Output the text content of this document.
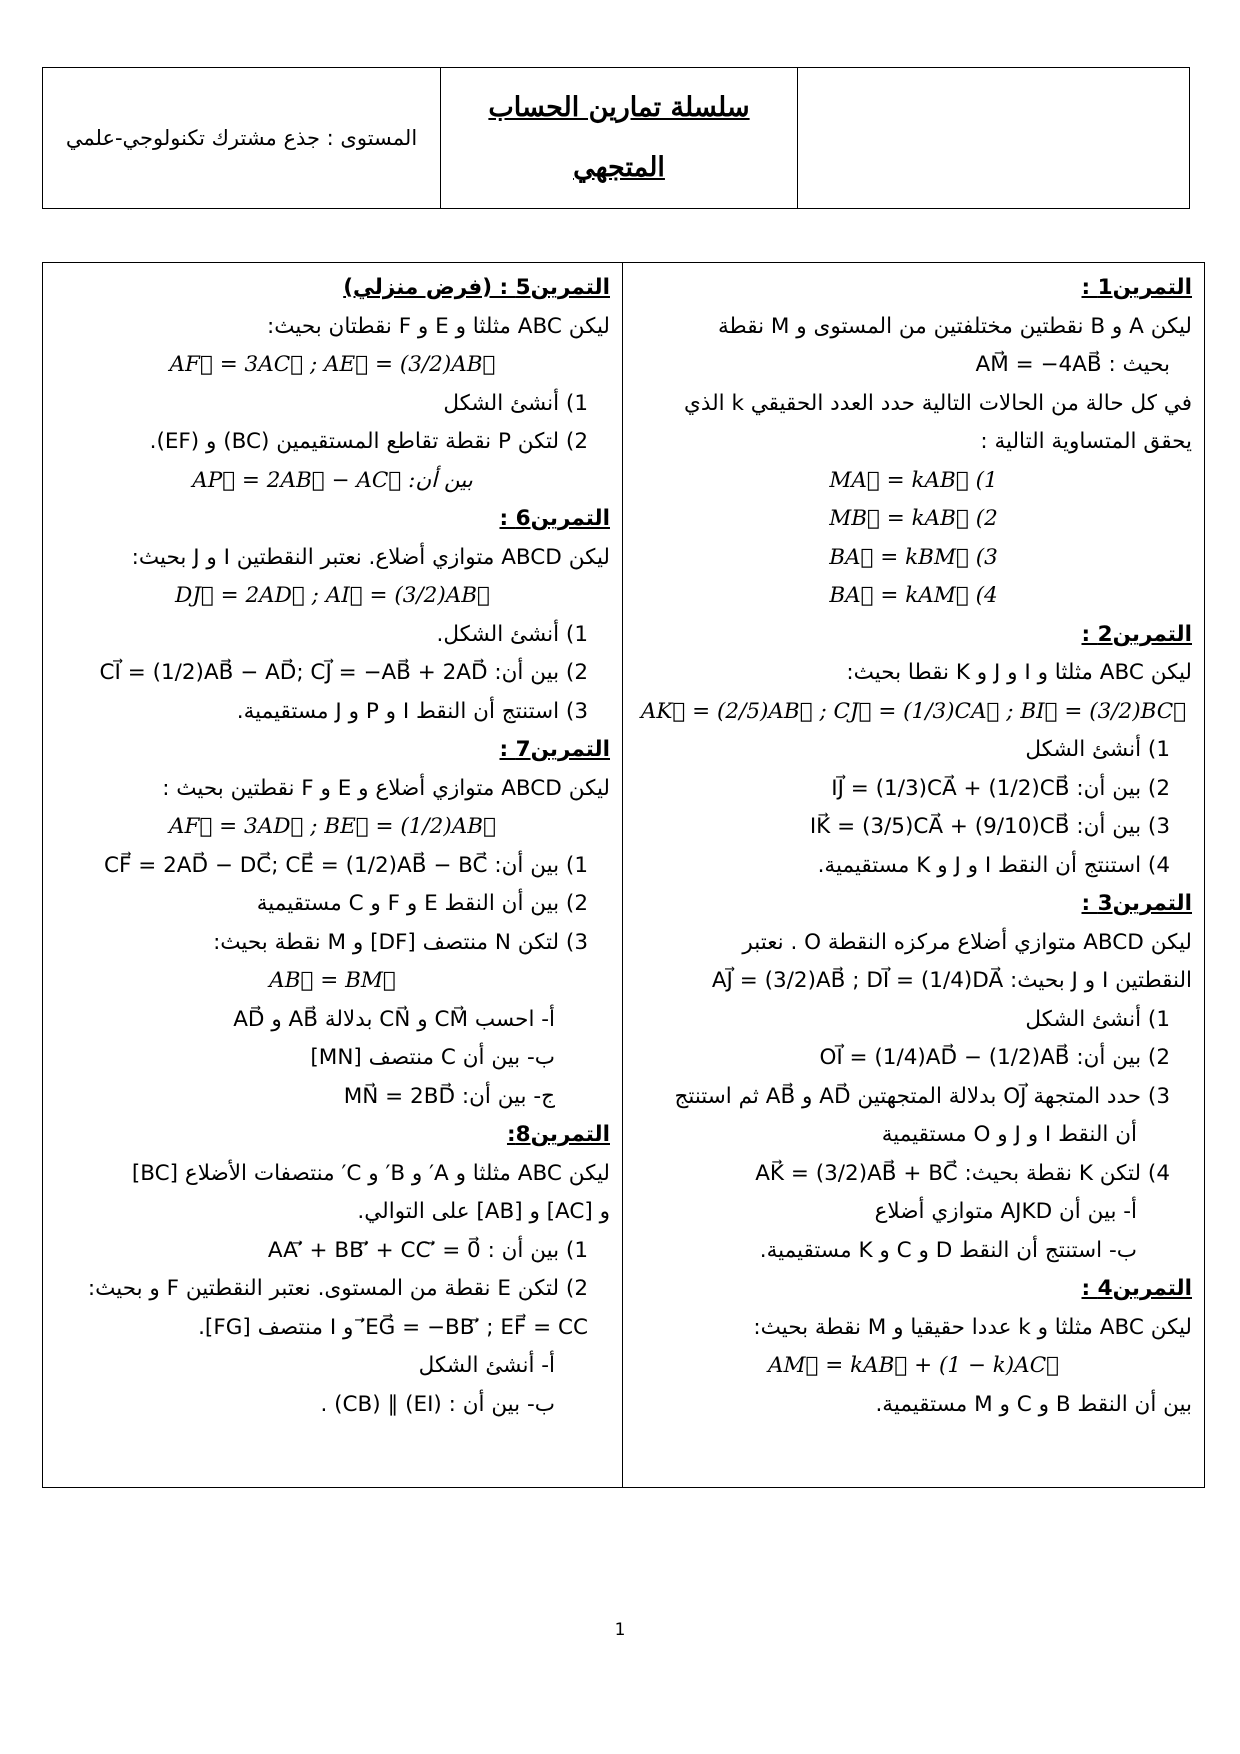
المستوى : جذع مشترك تكنولوجي-علمي
سلسلة تمارين الحساب
المتجهي
التمرين5 : (فرض منزلي)
ليكن ABC مثلثا و E و F نقطتان بحيث:
AF⃗ = 3AC⃗ ; AE⃗ = (3/2)AB⃗
1) أنشئ الشكل
2) لتكن P نقطة تقاطع المستقيمين (BC) و (EF).
بين أن: AP⃗ = 2AB⃗ − AC⃗
التمرين6 :
ليكن ABCD متوازي أضلاع. نعتبر النقطتين I و J بحيث:
DJ⃗ = 2AD⃗ ; AI⃗ = (3/2)AB⃗
1) أنشئ الشكل.
2) بين أن: CI⃗ = (1/2)AB⃗ − AD⃗; CJ⃗ = −AB⃗ + 2AD⃗
3) استنتج أن النقط I و P و J مستقيمية.
التمرين7 :
ليكن ABCD متوازي أضلاع و E و F نقطتين بحيث :
AF⃗ = 3AD⃗ ; BE⃗ = (1/2)AB⃗
1) بين أن: CF⃗ = 2AD⃗ − DC⃗; CE⃗ = (1/2)AB⃗ − BC⃗
2) بين أن النقط E و F و C مستقيمية
3) لتكن N منتصف [DF] و M نقطة بحيث:
AB⃗ = BM⃗
أ- احسب CM⃗ و CN⃗ بدلالة AB⃗ و AD⃗
ب- بين أن C منتصف [MN]
ج- بين أن: MN⃗ = 2BD⃗
التمرين8:
ليكن ABC مثلثا و A′ و B′ و C′ منتصفات الأضلاع [BC]
و [AC] و [AB] على التوالي.
1) بين أن : AA′⃗ + BB′⃗ + CC′⃗ = 0⃗
2) لتكن E نقطة من المستوى. نعتبر النقطتين F و بحيث:
EG⃗ = −BB′⃗ ; EF⃗ = CC′⃗ و I منتصف [FG].
أ- أنشئ الشكل
ب- بين أن : (EI) ∥ (CB) .
التمرين1 :
ليكن A و B نقطتين مختلفتين من المستوى و M نقطة
بحيث : AM⃗ = −4AB⃗
في كل حالة من الحالات التالية حدد العدد الحقيقي k الذي
يحقق المتساوية التالية :
1) MA⃗ = kAB⃗
2) MB⃗ = kAB⃗
3) BA⃗ = kBM⃗
4) BA⃗ = kAM⃗
التمرين2 :
ليكن ABC مثلثا و I و J و K نقطا بحيث:
AK⃗ = (2/5)AB⃗ ; CJ⃗ = (1/3)CA⃗ ; BI⃗ = (3/2)BC⃗
1) أنشئ الشكل
2) بين أن: IJ⃗ = (1/3)CA⃗ + (1/2)CB⃗
3) بين أن: IK⃗ = (3/5)CA⃗ + (9/10)CB⃗
4) استنتج أن النقط I و J و K مستقيمية.
التمرين3 :
ليكن ABCD متوازي أضلاع مركزه النقطة O . نعتبر
النقطتين I و J بحيث: AJ⃗ = (3/2)AB⃗ ; DI⃗ = (1/4)DA⃗
1) أنشئ الشكل
2) بين أن: OI⃗ = (1/4)AD⃗ − (1/2)AB⃗
3) حدد المتجهة OJ⃗ بدلالة المتجهتين AD⃗ و AB⃗ ثم استنتج
أن النقط I و J و O مستقيمية
4) لتكن K نقطة بحيث: AK⃗ = (3/2)AB⃗ + BC⃗
أ- بين أن AJKD متوازي أضلاع
ب- استنتج أن النقط D و C و K مستقيمية.
التمرين4 :
ليكن ABC مثلثا و k عددا حقيقيا و M نقطة بحيث:
AM⃗ = kAB⃗ + (1 − k)AC⃗
بين أن النقط B و C و M مستقيمية.
1
